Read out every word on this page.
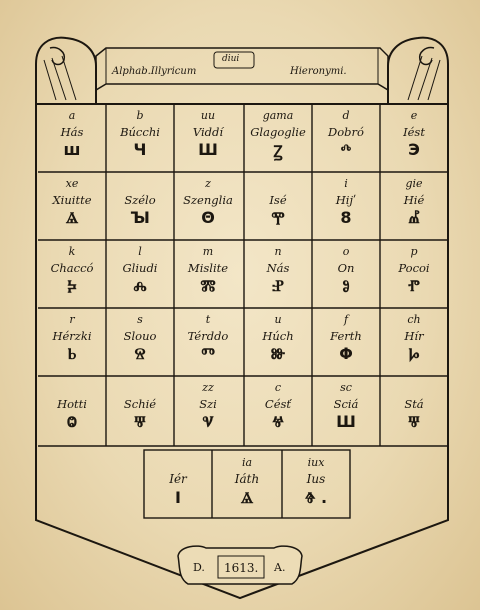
Alphab.Illyricum
diui
Hieronymi.
a
Hás
ш
b
Búcchi
Ч
uu
Viddí
Ш
gama
Glagoglie
Ꙁ
d
Dobró
ⰴ
e
Iést
Э
xe
Xiuitte
Ⱑ
Szélo
Ꙑ
z
Szenglia
Θ
Isé
Ⰹ
i
Hijʹ
8
gie
Hié
Ⰼ
k
Chaccó
Ⰽ
l
Gliudi
Ⰾ
m
Mislite
Ⰿ
n
Nás
Ⱀ
o
On
Ⱁ
p
Pocoi
Ⱂ
r
Hérzki
Ⱃ
s
Slouo
Ⱄ
t
Térddo
Ⱅ
u
Húch
Ⱆ
f
Ferth
Φ
ch
Hír
Ⱈ
Hotti
Ⱉ
Schié
Ⱋ
zz
Szi
Ⱌ
c
Césť
Ⱍ
sc
Sciá
Ш
Stá
Ⱋ
Iér
I
ia
Iáth
Ⱑ
iux
Ius
Ⱖ .
D. 1613. A.
